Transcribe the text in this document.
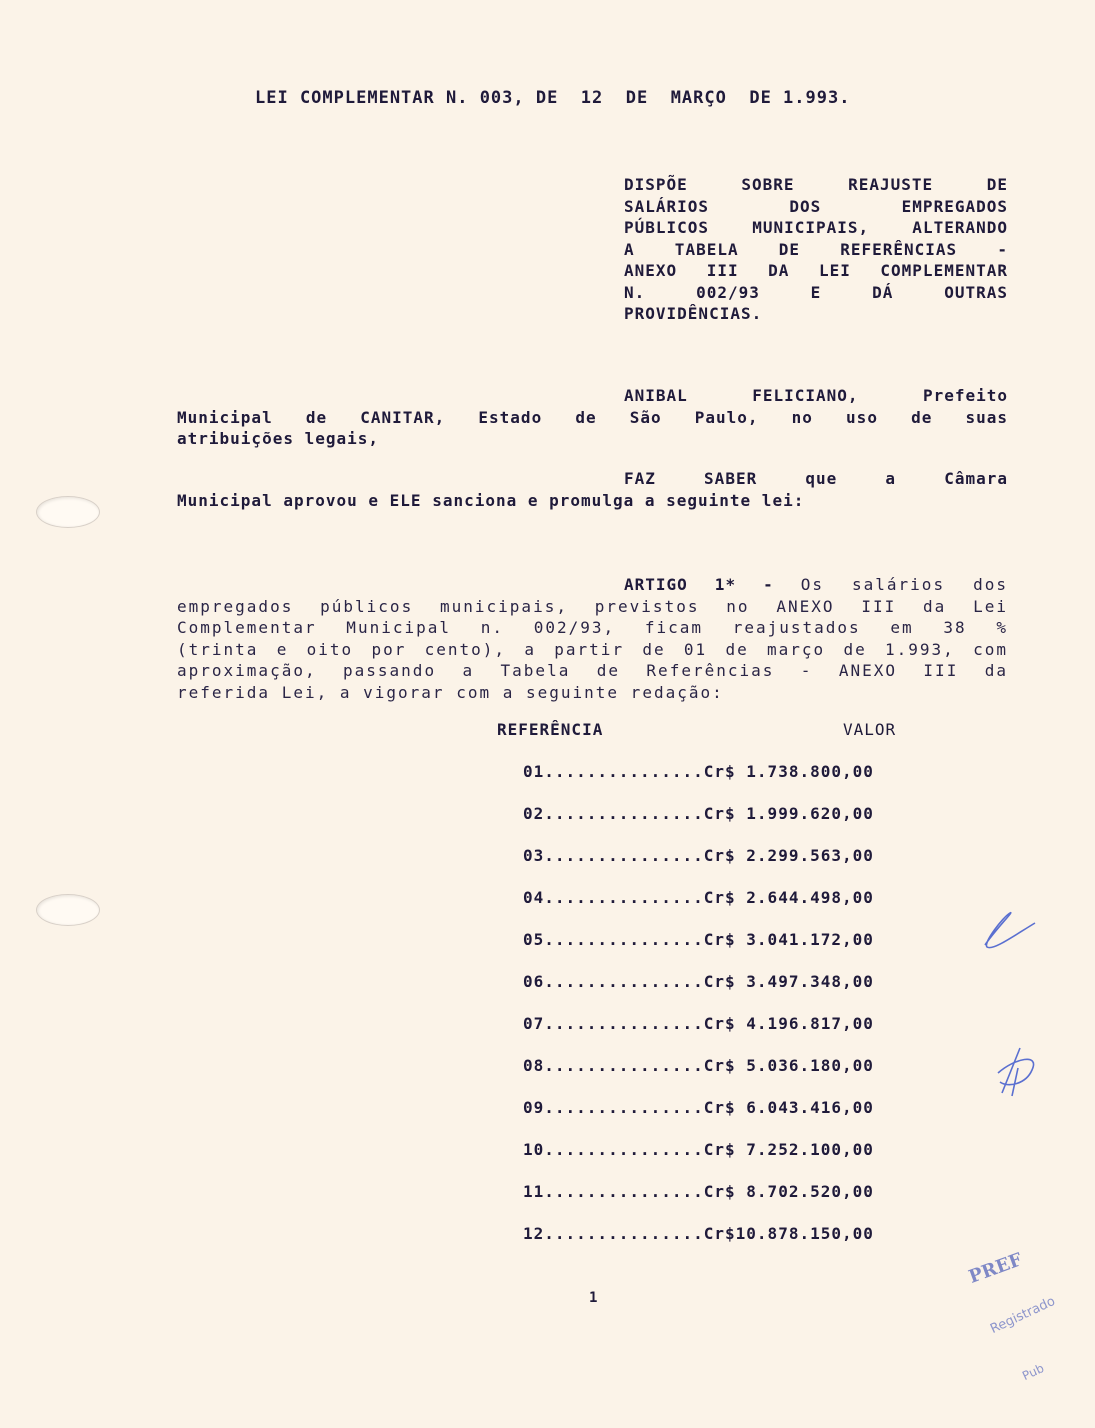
LEI COMPLEMENTAR N. 003, DE  12  DE  MARÇO  DE 1.993.
DISPÕE SOBRE REAJUSTE DE
SALÁRIOS DOS EMPREGADOS
PÚBLICOS MUNICIPAIS, ALTERANDO
A TABELA DE REFERÊNCIAS -
ANEXO III DA LEI COMPLEMENTAR
N. 002/93 E DÁ OUTRAS
PROVIDÊNCIAS.
ANIBAL FELICIANO, Prefeito
Municipal de CANITAR, Estado de São Paulo, no uso de suas
atribuições legais,
FAZ SABER que a Câmara
Municipal aprovou e ELE sanciona e promulga a seguinte lei:
ARTIGO 1* - Os salários dos
empregados públicos municipais, previstos no ANEXO III da Lei
Complementar Municipal n. 002/93, ficam reajustados em 38 %
(trinta e oito por cento), a partir de 01 de março de 1.993, com
aproximação, passando a Tabela de Referências - ANEXO III da
referida Lei, a vigorar com a seguinte redação:
REFERÊNCIA	VALOR
01...............Cr$ 1.738.800,00
02...............Cr$ 1.999.620,00
03...............Cr$ 2.299.563,00
04...............Cr$ 2.644.498,00
05...............Cr$ 3.041.172,00
06...............Cr$ 3.497.348,00
07...............Cr$ 4.196.817,00
08...............Cr$ 5.036.180,00
09...............Cr$ 6.043.416,00
10...............Cr$ 7.252.100,00
11...............Cr$ 8.702.520,00
12...............Cr$10.878.150,00
1
PREF
Registrado
Pub
